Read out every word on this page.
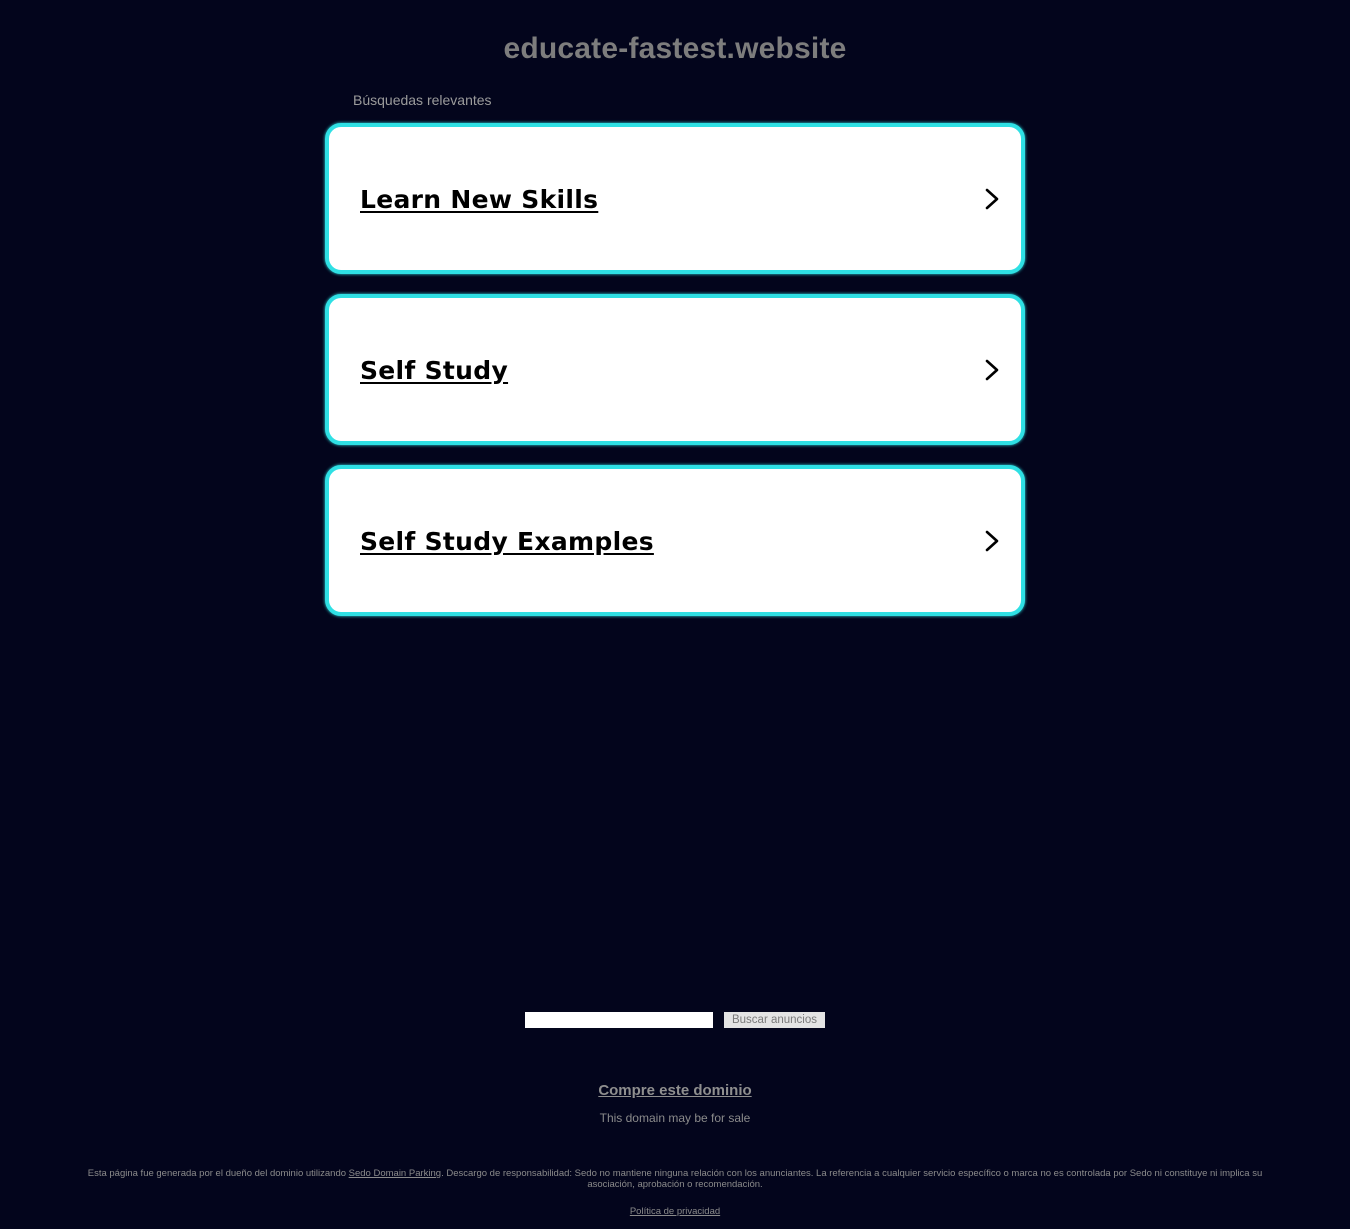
educate-fastest.website
Búsquedas relevantes
Learn New Skills
Self Study
Self Study Examples
Buscar anuncios
Compre este dominio
This domain may be for sale
Esta página fue generada por el dueño del dominio utilizando Sedo Domain Parking. Descargo de responsabilidad: Sedo no mantiene ninguna relación con los anunciantes. La referencia a cualquier servicio específico o marca no es controlada por Sedo ni constituye ni implica su asociación, aprobación o recomendación.
Política de privacidad
